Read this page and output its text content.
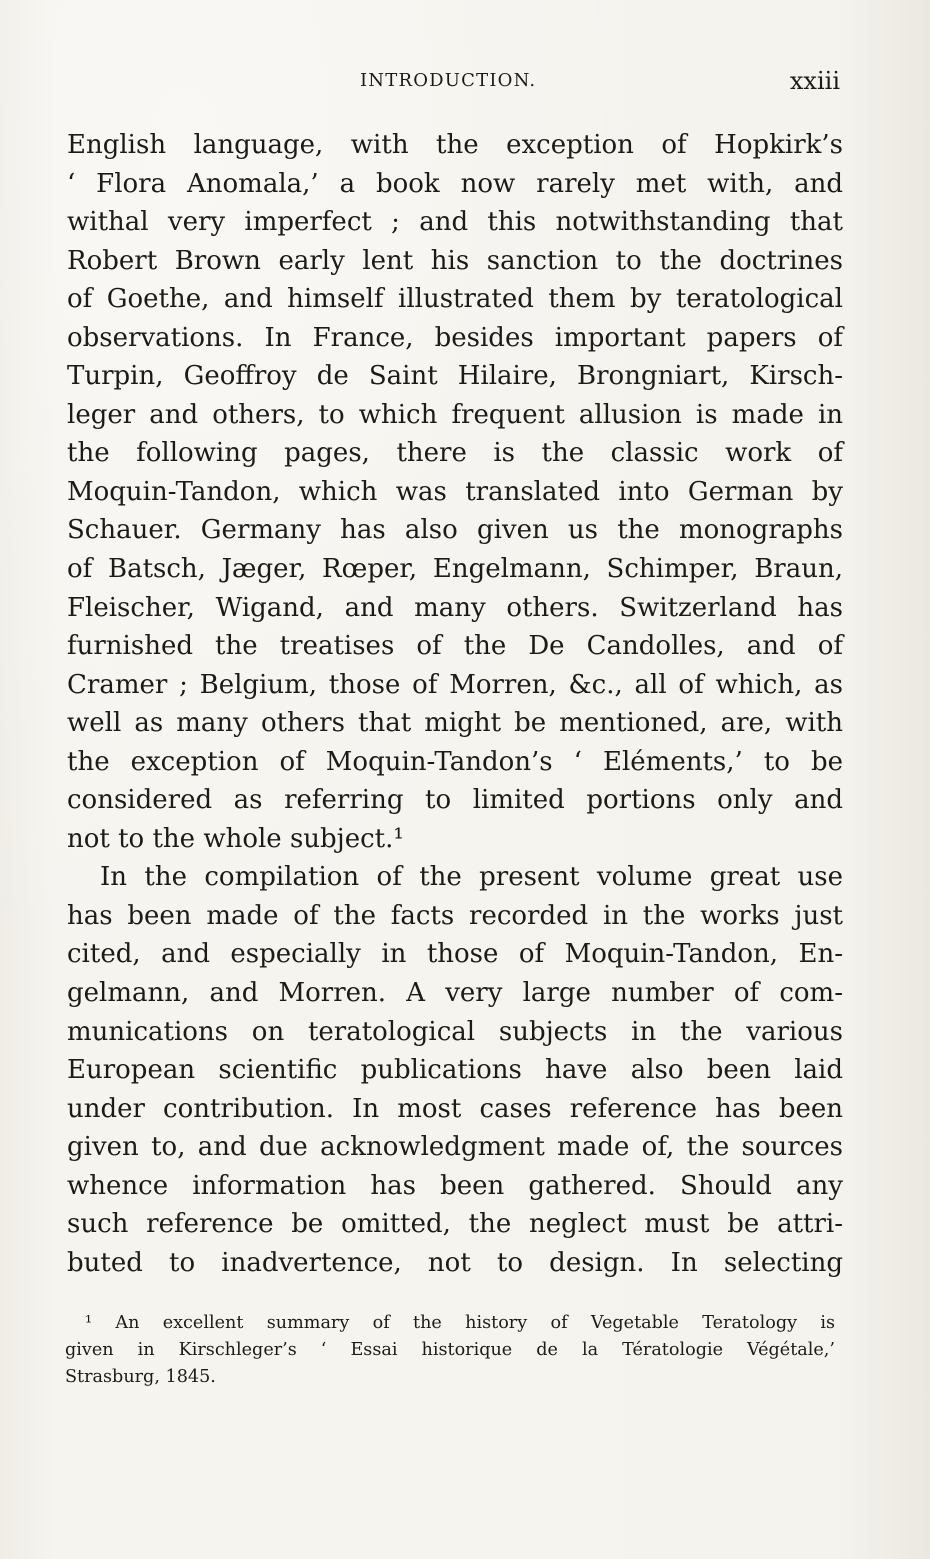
INTRODUCTION.	xxiii
English language, with the exception of Hopkirk’s
‘ Flora Anomala,’ a book now rarely met with, and
withal very imperfect ; and this notwithstanding that
Robert Brown early lent his sanction to the doctrines
of Goethe, and himself illustrated them by teratological
observations. In France, besides important papers of
Turpin, Geoffroy de Saint Hilaire, Brongniart, Kirsch-
leger and others, to which frequent allusion is made in
the following pages, there is the classic work of
Moquin-Tandon, which was translated into German by
Schauer. Germany has also given us the monographs
of Batsch, Jæger, Rœper, Engelmann, Schimper, Braun,
Fleischer, Wigand, and many others. Switzerland has
furnished the treatises of the De Candolles, and of
Cramer ; Belgium, those of Morren, &c., all of which, as
well as many others that might be mentioned, are, with
the exception of Moquin-Tandon’s ‘ Eléments,’ to be
considered as referring to limited portions only and
not to the whole subject.¹
In the compilation of the present volume great use
has been made of the facts recorded in the works just
cited, and especially in those of Moquin-Tandon, En-
gelmann, and Morren. A very large number of com-
munications on teratological subjects in the various
European scientific publications have also been laid
under contribution. In most cases reference has been
given to, and due acknowledgment made of, the sources
whence information has been gathered. Should any
such reference be omitted, the neglect must be attri-
buted to inadvertence, not to design. In selecting
¹ An excellent summary of the history of Vegetable Teratology is
given in Kirschleger’s ‘ Essai historique de la Tératologie Végétale,’
Strasburg, 1845.
